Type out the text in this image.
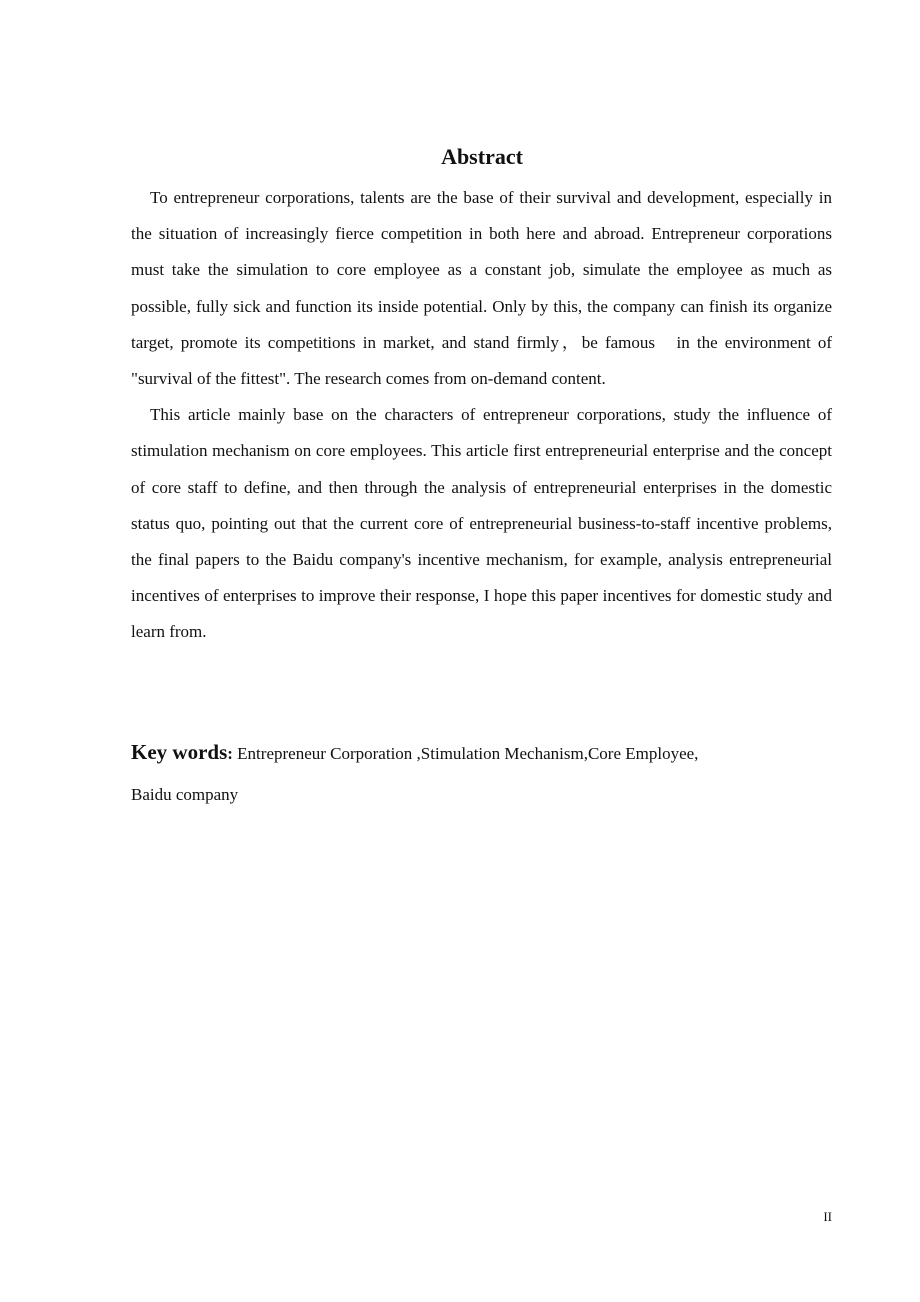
Abstract

To entrepreneur corporations, talents are the base of their survival and development, especially in the situation of increasingly fierce competition in both here and abroad. Entrepreneur corporations must take the simulation to core employee as a constant job, simulate the employee as much as possible, fully sick and function its inside potential. Only by this, the company can finish its organize target, promote its competitions in market, and stand firmly，be famous   in the environment of "survival of the fittest". The research comes from on-demand content.

This article mainly base on the characters of entrepreneur corporations, study the influence of stimulation mechanism on core employees. This article first entrepreneurial enterprise and the concept of core staff to define, and then through the analysis of entrepreneurial enterprises in the domestic status quo, pointing out that the current core of entrepreneurial business-to-staff incentive problems, the final papers to the Baidu company's incentive mechanism, for example, analysis entrepreneurial incentives of enterprises to improve their response, I hope this paper incentives for domestic study and learn from.

Key words: Entrepreneur Corporation ,Stimulation Mechanism,Core Employee,
Baidu company
II
